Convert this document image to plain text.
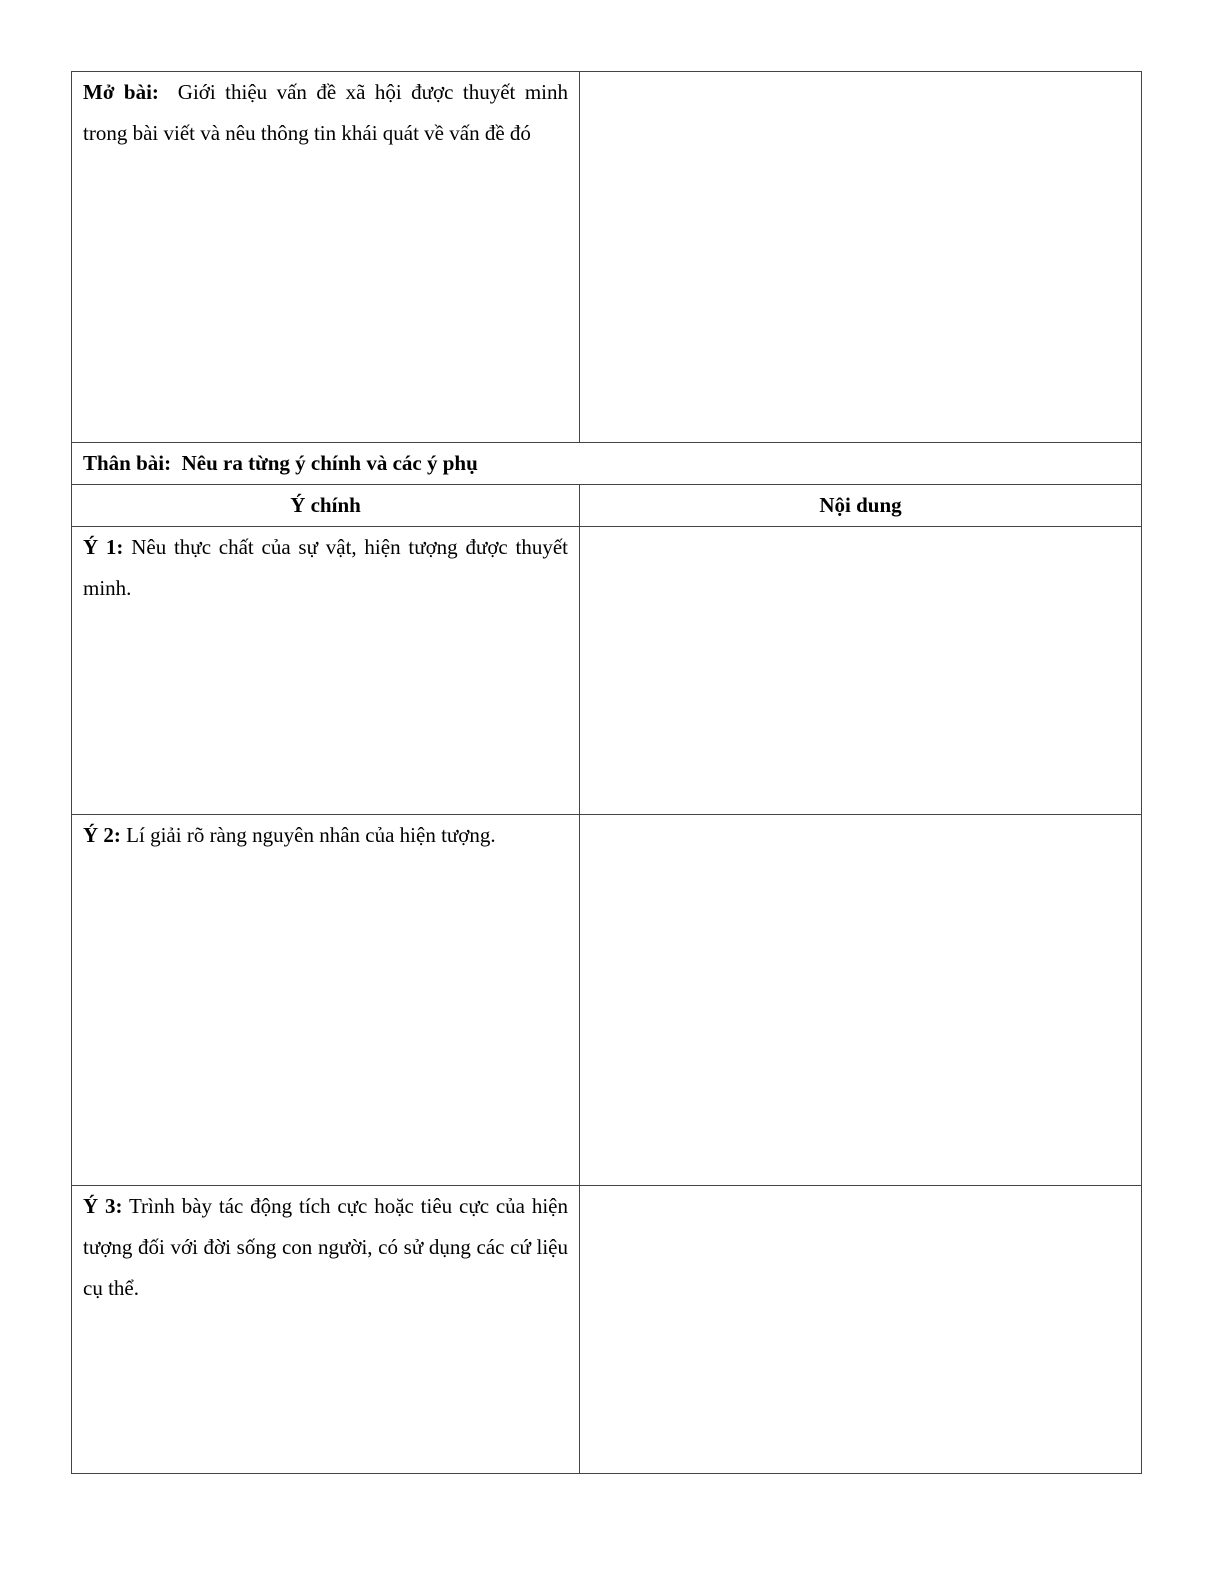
Mở bài: Giới thiệu vấn đề xã hội được thuyết minh trong bài viết và nêu thông tin khái quát về vấn đề đó	

Thân bài:  Nêu ra từng ý chính và các ý phụ	
Ý chính	Nội dung
Ý 1: Nêu thực chất của sự vật, hiện tượng được thuyết minh.	

Ý 2: Lí giải rõ ràng nguyên nhân của hiện tượng.	

Ý 3: Trình bày tác động tích cực hoặc tiêu cực của hiện tượng đối với đời sống con người, có sử dụng các cứ liệu cụ thể.	
